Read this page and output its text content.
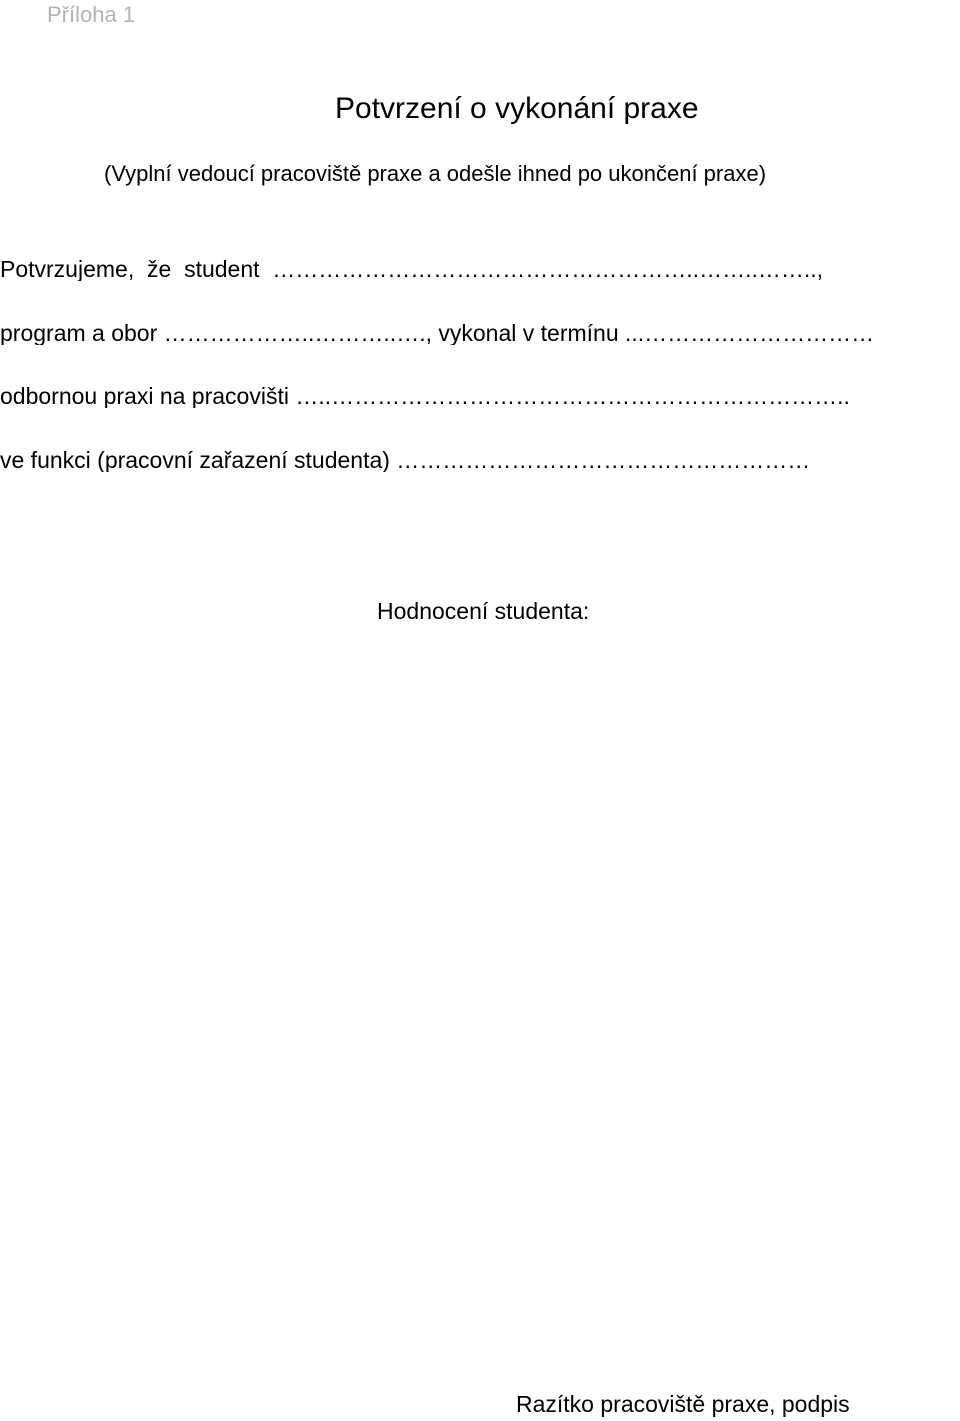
Příloha 1
Potvrzení o vykonání praxe
(Vyplní vedoucí pracoviště praxe a odešle ihned po ukončení praxe)
Potvrzujeme,  že  student  ………………………………………………..……..……..,
program a obor ………………..………..…., vykonal v termínu ...…………………………
odbornou praxi na pracovišti …..…………………………………………………………..
ve funkci (pracovní zařazení studenta) ………………………………………………
Hodnocení studenta:
Razítko pracoviště praxe, podpis
